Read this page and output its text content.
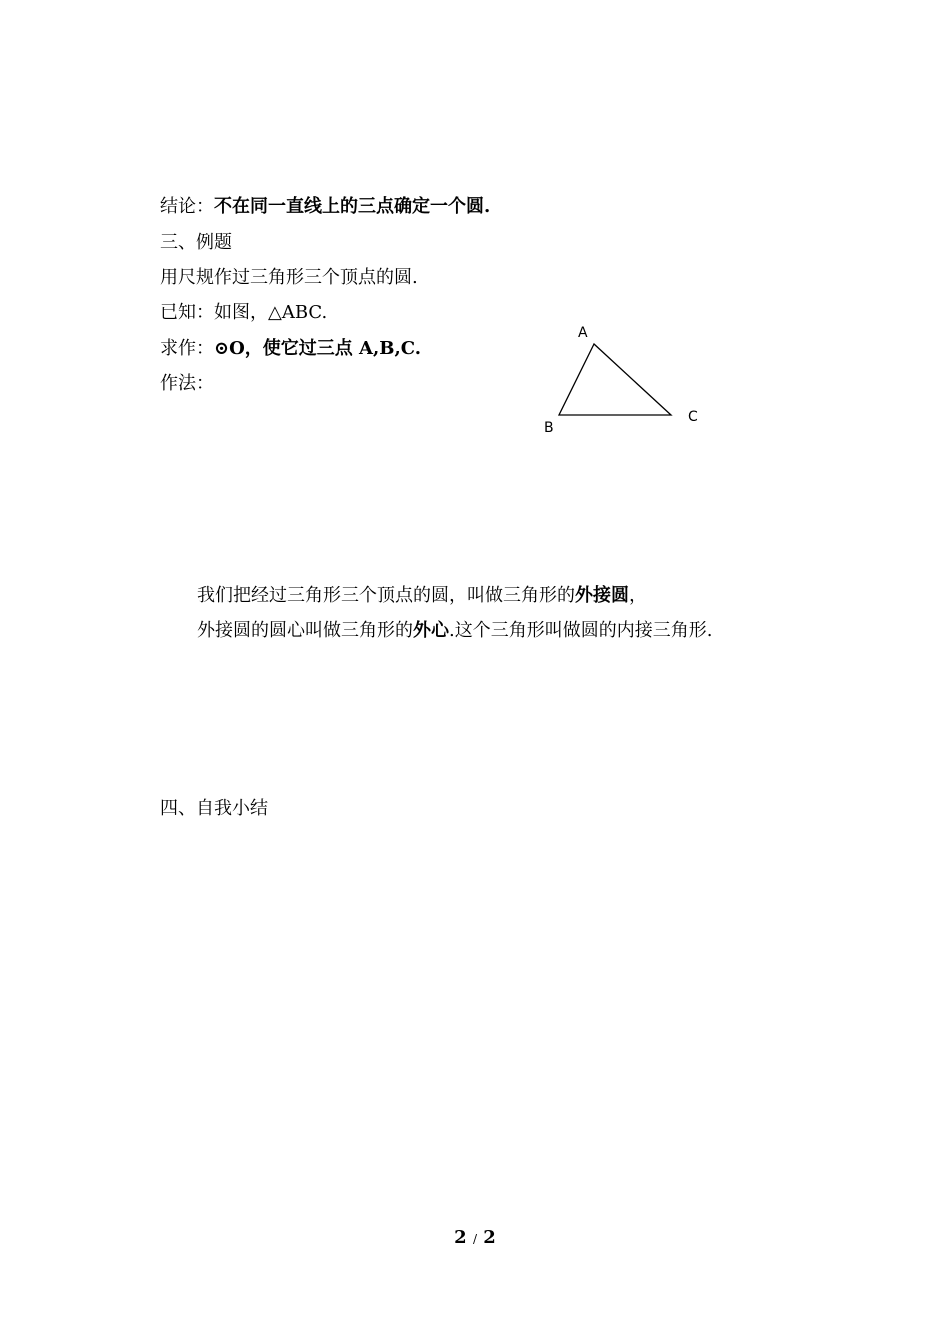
结论：不在同一直线上的三点确定一个圆.
三、例题
用尺规作过三角形三个顶点的圆.
已知：如图，△ABC.
求作：⊙O，使它过三点 A,B,C.
作法：
A
B
C
我们把经过三角形三个顶点的圆，叫做三角形的外接圆，
外接圆的圆心叫做三角形的外心.这个三角形叫做圆的内接三角形.
四、自我小结
2 / 2
